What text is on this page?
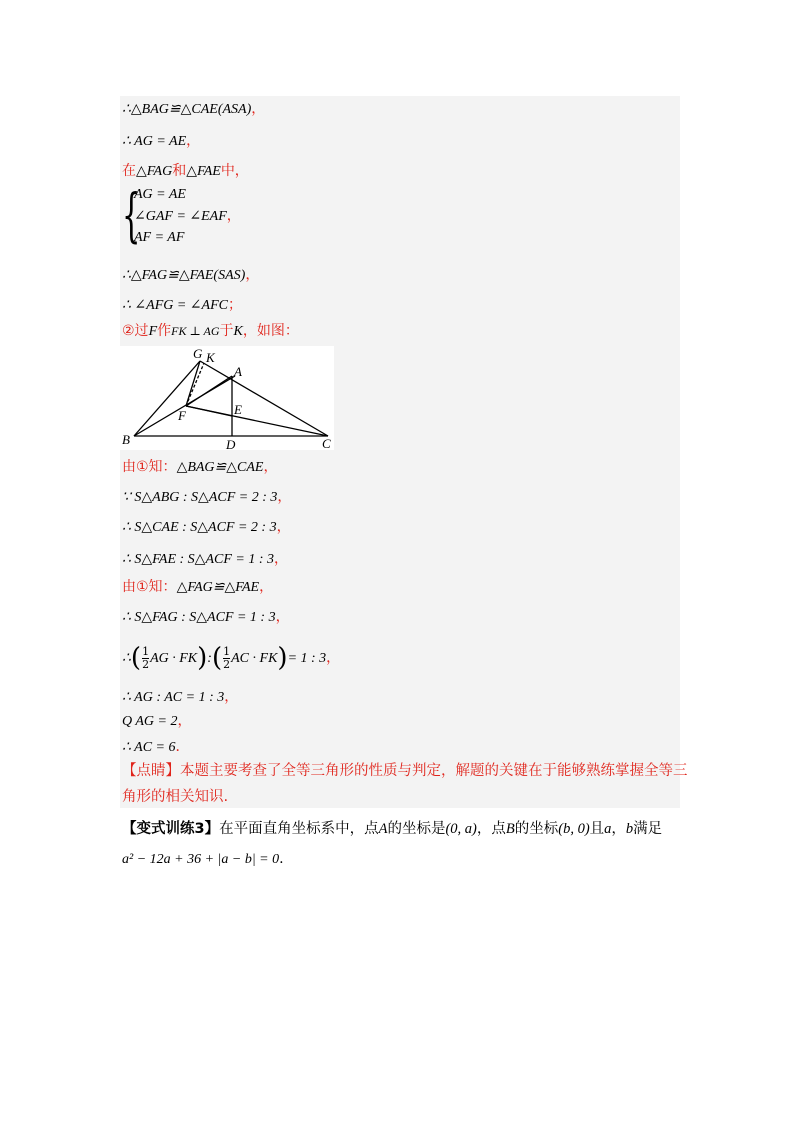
∴△BAG≌△CAE(ASA)，
∴ AG = AE，
在△FAG和△FAE中，
{
AG = AE
∠GAF = ∠EAF，
AF = AF
∴△FAG≌△FAE(SAS)，
∴ ∠AFG = ∠AFC；
②过F作FK ⊥ AG于K，如图：
G K
A
F	E
B	D	C
由①知：△BAG≌△CAE，
∵ S△ABG : S△ACF = 2 : 3，
∴ S△CAE : S△ACF = 2 : 3，
∴ S△FAE : S△ACF = 1 : 3，
由①知：△FAG≌△FAE，
∴ S△FAG : S△ACF = 1 : 3，
∴( $\frac{1}{2}$ AG · FK):( $\frac{1}{2}$ AC · FK)= 1 : 3，
∴ AG : AC = 1 : 3，
Q AG = 2，
∴ AC = 6．
【点睛】本题主要考查了全等三角形的性质与判定，解题的关键在于能够熟练掌握全等三
角形的相关知识.
【变式训练3】在平面直角坐标系中，点A的坐标是(0, a)，点B的坐标(b, 0)且a，b满足
a² − 12a + 36 + |a − b| = 0.
